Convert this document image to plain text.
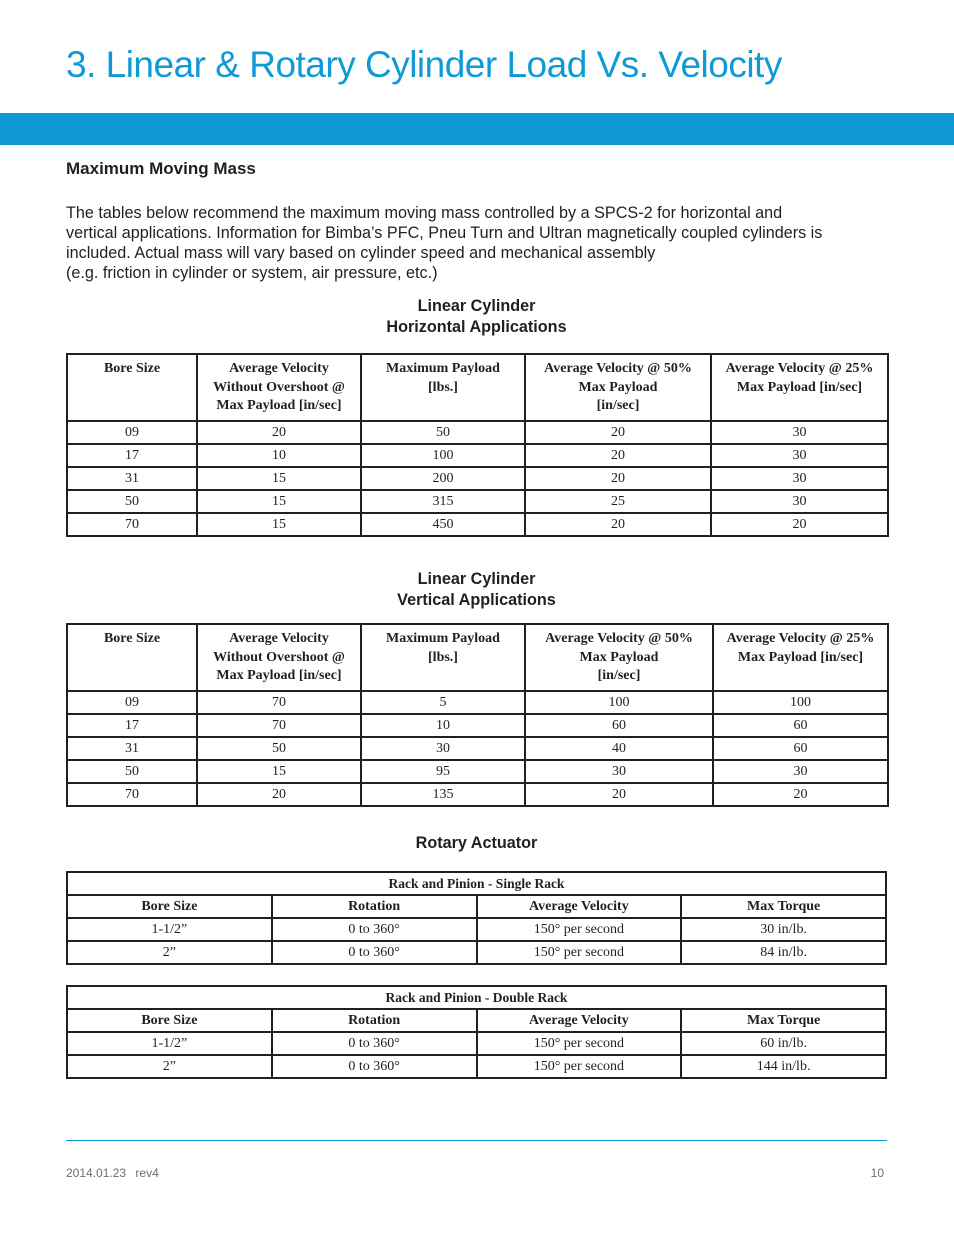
3. Linear & Rotary Cylinder Load Vs. Velocity
Maximum Moving Mass

The tables below recommend the maximum moving mass controlled by a SPCS-2 for horizontal and
vertical applications. Information for Bimba’s PFC, Pneu Turn and Ultran magnetically coupled cylinders is
included. Actual mass will vary based on cylinder speed and mechanical assembly
(e.g. friction in cylinder or system, air pressure, etc.)

Linear Cylinder
Horizontal Applications
Bore Size	Average Velocity
Without Overshoot @
Max Payload [in/sec]	Maximum Payload
[lbs.]	Average Velocity @ 50%
Max Payload
[in/sec]	Average Velocity @ 25%
Max Payload [in/sec]
09	20	50	20	30
17	10	100	20	30
31	15	200	20	30
50	15	315	25	30
70	15	450	20	20
Linear Cylinder
Vertical Applications
Bore Size	Average Velocity
Without Overshoot @
Max Payload [in/sec]	Maximum Payload
[lbs.]	Average Velocity @ 50%
Max Payload
[in/sec]	Average Velocity @ 25%
Max Payload [in/sec]
09	70	5	100	100
17	70	10	60	60
31	50	30	40	60
50	15	95	30	30
70	20	135	20	20
Rotary Actuator
Rack and Pinion - Single Rack			
Bore Size	Rotation	Average Velocity	Max Torque
1-1/2”	0 to 360°	150° per second	30 in/lb.
2”	0 to 360°	150° per second	84 in/lb.
Rack and Pinion - Double Rack			
Bore Size	Rotation	Average Velocity	Max Torque
1-1/2”	0 to 360°	150° per second	60 in/lb.
2”	0 to 360°	150° per second	144 in/lb.
2014.01.23 rev4	10
